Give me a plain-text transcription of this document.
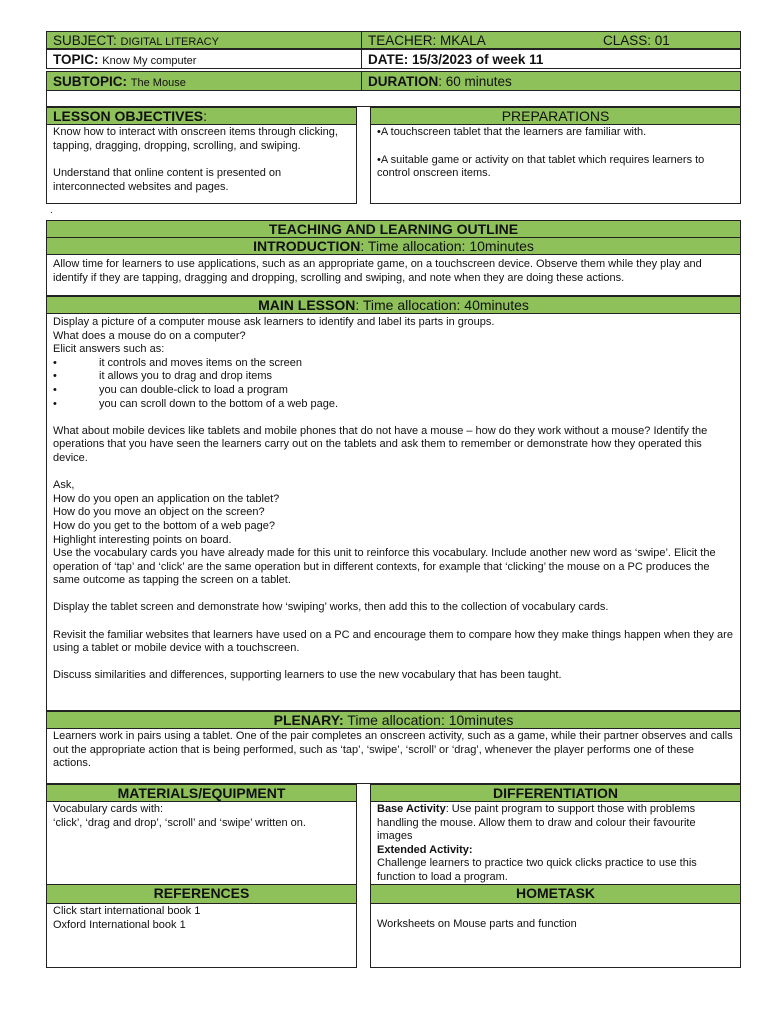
SUBJECT: DIGITAL LITERACY	TEACHER: MKALA	CLASS: 01
TOPIC: Know My computer	DATE: 15/3/2023 of week 11
SUBTOPIC: The Mouse	DURATION: 60 minutes
LESSON OBJECTIVES:

Know how to interact with onscreen items through clicking, tapping, dragging, dropping, scrolling, and swiping.

Understand that online content is presented on interconnected websites and pages.

PREPARATIONS

•A touchscreen tablet that the learners are familiar with.

•A suitable game or activity on that tablet which requires learners to control onscreen items.

.
TEACHING AND LEARNING OUTLINE
INTRODUCTION: Time allocation: 10minutes
Allow time for learners to use applications, such as an appropriate game, on a touchscreen device. Observe them while they play and identify if they are tapping, dragging and dropping, scrolling and swiping, and note when they are doing these actions.
MAIN LESSON: Time allocation: 40minutes

Display a picture of a computer mouse ask learners to identify and label its parts in groups.

What does a mouse do on a computer?

Elicit answers such as:

•	it controls and moves items on the screen
•	it allows you to drag and drop items
•	you can double-click to load a program
•	you can scroll down to the bottom of a web page.

What about mobile devices like tablets and mobile phones that do not have a mouse – how do they work without a mouse? Identify the operations that you have seen the learners carry out on the tablets and ask them to remember or demonstrate how they operated this device.

Ask,

How do you open an application on the tablet?

How do you move an object on the screen?

How do you get to the bottom of a web page?

Highlight interesting points on board.

Use the vocabulary cards you have already made for this unit to reinforce this vocabulary. Include another new word as ‘swipe’. Elicit the operation of ‘tap’ and ‘click’ are the same operation but in different contexts, for example that ‘clicking’ the mouse on a PC produces the same outcome as tapping the screen on a tablet.

Display the tablet screen and demonstrate how ‘swiping’ works, then add this to the collection of vocabulary cards.

Revisit the familiar websites that learners have used on a PC and encourage them to compare how they make things happen when they are using a tablet or mobile device with a touchscreen.

Discuss similarities and differences, supporting learners to use the new vocabulary that has been taught.

PLENARY: Time allocation: 10minutes
Learners work in pairs using a tablet. One of the pair completes an onscreen activity, such as a game, while their partner observes and calls out the appropriate action that is being performed, such as ‘tap’, ‘swipe’, ‘scroll’ or ‘drag’, whenever the player performs one of these actions.
MATERIALS/EQUIPMENT

Vocabulary cards with:

‘click’, ‘drag and drop’, ‘scroll’ and ‘swipe’ written on.

DIFFERENTIATION

Base Activity: Use paint program to support those with problems handling the mouse. Allow them to draw and colour their favourite images

Extended Activity:

Challenge learners to practice two quick clicks practice to use this function to load a program.

REFERENCES

Click start international book 1

Oxford International book 1

HOMETASK
Worksheets on Mouse parts and function
